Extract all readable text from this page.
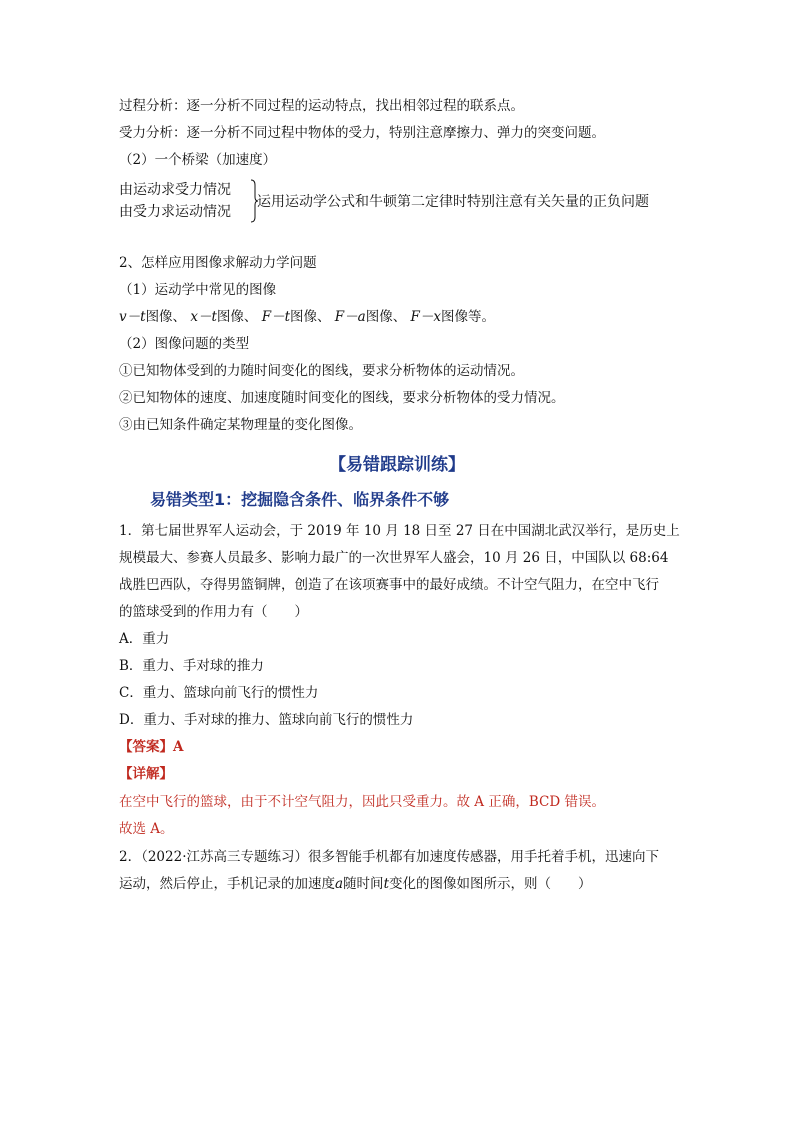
过程分析：逐一分析不同过程的运动特点，找出相邻过程的联系点。
受力分析：逐一分析不同过程中物体的受力，特别注意摩擦力、弹力的突变问题。
（2）一个桥梁（加速度）
由运动求受力情况
由受力求运动情况
运用运动学公式和牛顿第二定律时特别注意有关矢量的正负问题
2、怎样应用图像求解动力学问题
（1）运动学中常见的图像
v－t图像、 x－t图像、 F－t图像、 F－a图像、 F－x图像等。
（2）图像问题的类型
①已知物体受到的力随时间变化的图线，要求分析物体的运动情况。
②已知物体的速度、加速度随时间变化的图线，要求分析物体的受力情况。
③由已知条件确定某物理量的变化图像。
【易错跟踪训练】
易错类型1：挖掘隐含条件、临界条件不够
1．第七届世界军人运动会，于 2019 年 10 月 18 日至 27 日在中国湖北武汉举行，是历史上
规模最大、参赛人员最多、影响力最广的一次世界军人盛会，10 月 26 日，中国队以 68:64
战胜巴西队，夺得男篮铜牌，创造了在该项赛事中的最好成绩。不计空气阻力，在空中飞行
的篮球受到的作用力有（　　）
A．重力
B．重力、手对球的推力
C．重力、篮球向前飞行的惯性力
D．重力、手对球的推力、篮球向前飞行的惯性力
【答案】A
【详解】
在空中飞行的篮球，由于不计空气阻力，因此只受重力。故 A 正确，BCD 错误。
故选 A。
2．（2022·江苏高三专题练习）很多智能手机都有加速度传感器，用手托着手机，迅速向下
运动，然后停止，手机记录的加速度a随时间t变化的图像如图所示，则（　　）
